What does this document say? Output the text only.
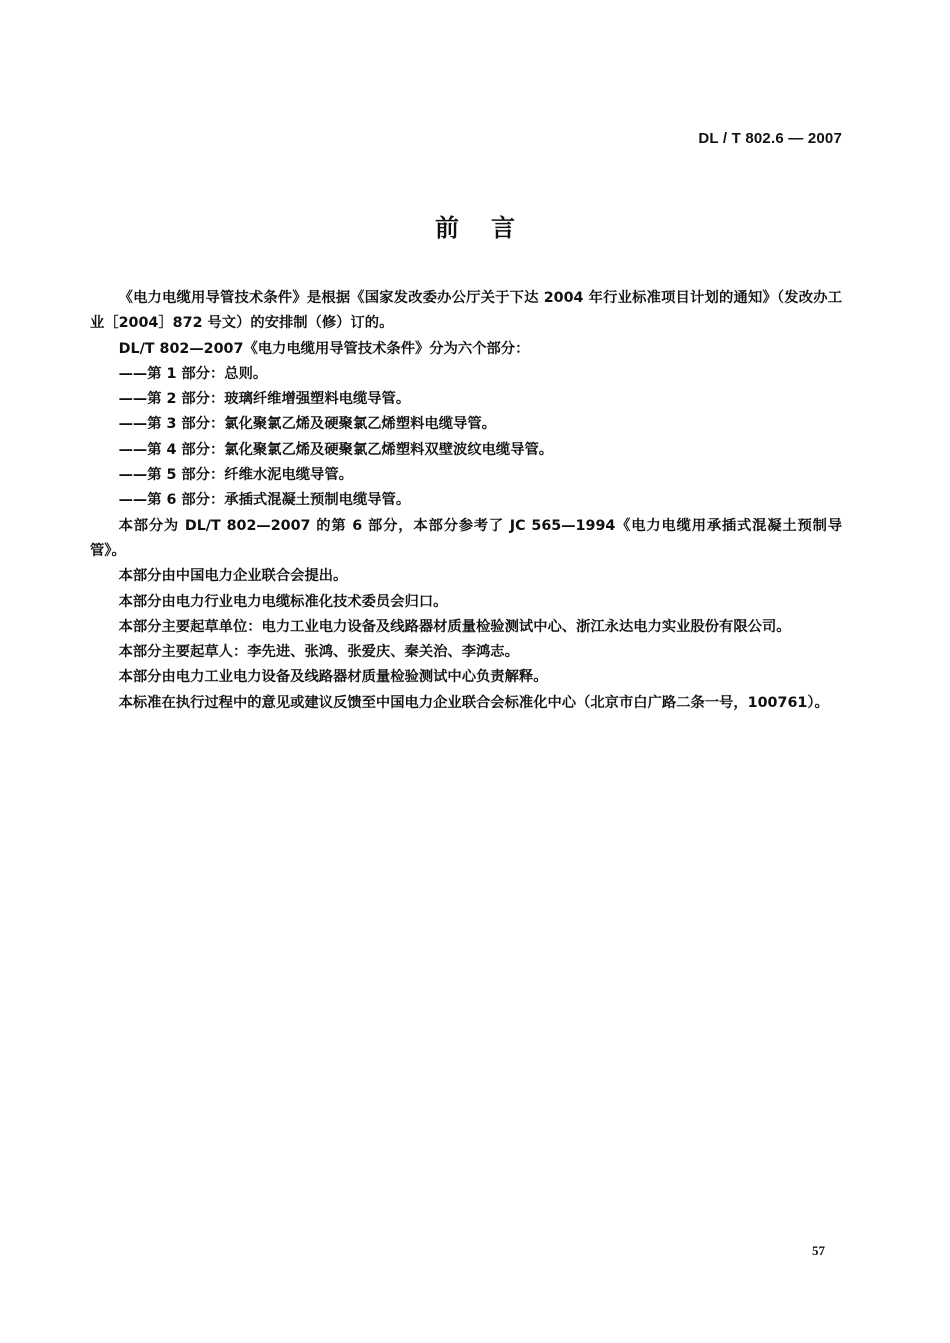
DL / T 802.6 — 2007
前言

《电力电缆用导管技术条件》是根据《国家发改委办公厅关于下达 2004 年行业标准项目计划的通知》（发改办工业［2004］872 号文）的安排制（修）订的。

DL/T 802—2007《电力电缆用导管技术条件》分为六个部分：

——第 1 部分：总则。

——第 2 部分：玻璃纤维增强塑料电缆导管。

——第 3 部分：氯化聚氯乙烯及硬聚氯乙烯塑料电缆导管。

——第 4 部分：氯化聚氯乙烯及硬聚氯乙烯塑料双壁波纹电缆导管。

——第 5 部分：纤维水泥电缆导管。

——第 6 部分：承插式混凝土预制电缆导管。

本部分为 DL/T 802—2007 的第 6 部分，本部分参考了 JC 565—1994《电力电缆用承插式混凝土预制导管》。

本部分由中国电力企业联合会提出。

本部分由电力行业电力电缆标准化技术委员会归口。

本部分主要起草单位：电力工业电力设备及线路器材质量检验测试中心、浙江永达电力实业股份有限公司。

本部分主要起草人：李先进、张鸿、张爱庆、秦关治、李鸿志。

本部分由电力工业电力设备及线路器材质量检验测试中心负责解释。

本标准在执行过程中的意见或建议反馈至中国电力企业联合会标准化中心（北京市白广路二条一号，100761）。

57
